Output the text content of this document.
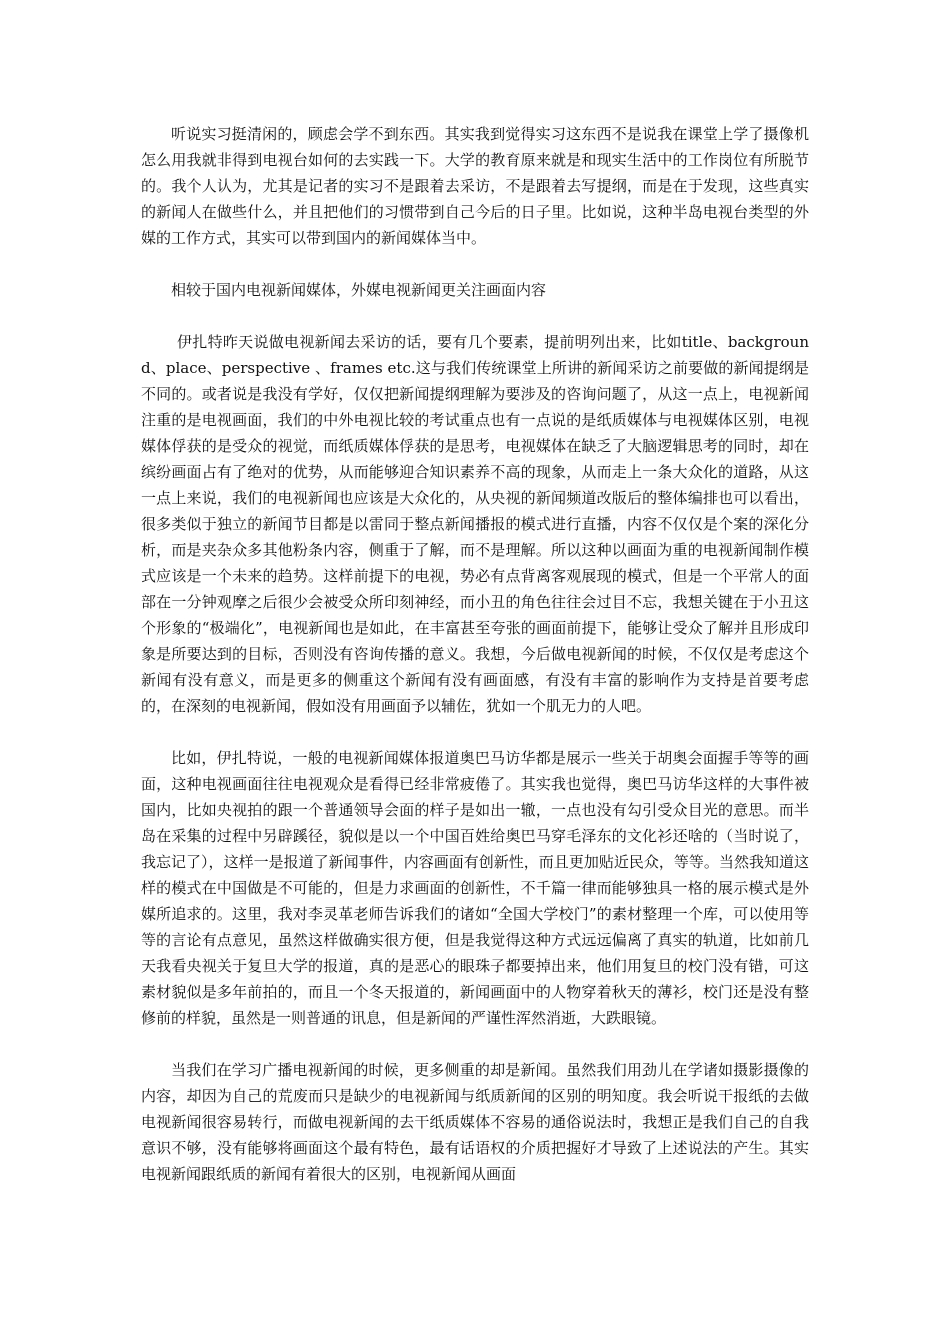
听说实习挺清闲的，顾虑会学不到东西。其实我到觉得实习这东西不是说我在课堂上学了摄像机怎么用我就非得到电视台如何的去实践一下。大学的教育原来就是和现实生活中的工作岗位有所脱节的。我个人认为，尤其是记者的实习不是跟着去采访，不是跟着去写提纲，而是在于发现，这些真实的新闻人在做些什么，并且把他们的习惯带到自己今后的日子里。比如说，这种半岛电视台类型的外媒的工作方式，其实可以带到国内的新闻媒体当中。

相较于国内电视新闻媒体，外媒电视新闻更关注画面内容

伊扎特昨天说做电视新闻去采访的话，要有几个要素，提前明列出来，比如title、background、place、perspective 、frames etc.这与我们传统课堂上所讲的新闻采访之前要做的新闻提纲是不同的。或者说是我没有学好，仅仅把新闻提纲理解为要涉及的咨询问题了，从这一点上，电视新闻注重的是电视画面，我们的中外电视比较的考试重点也有一点说的是纸质媒体与电视媒体区别，电视媒体俘获的是受众的视觉，而纸质媒体俘获的是思考，电视媒体在缺乏了大脑逻辑思考的同时，却在缤纷画面占有了绝对的优势，从而能够迎合知识素养不高的现象，从而走上一条大众化的道路，从这一点上来说，我们的电视新闻也应该是大众化的，从央视的新闻频道改版后的整体编排也可以看出，很多类似于独立的新闻节目都是以雷同于整点新闻播报的模式进行直播，内容不仅仅是个案的深化分析，而是夹杂众多其他粉条内容，侧重于了解，而不是理解。所以这种以画面为重的电视新闻制作模式应该是一个未来的趋势。这样前提下的电视，势必有点背离客观展现的模式，但是一个平常人的面部在一分钟观摩之后很少会被受众所印刻神经，而小丑的角色往往会过目不忘，我想关键在于小丑这个形象的“极端化”，电视新闻也是如此，在丰富甚至夸张的画面前提下，能够让受众了解并且形成印象是所要达到的目标，否则没有咨询传播的意义。我想，今后做电视新闻的时候，不仅仅是考虑这个新闻有没有意义，而是更多的侧重这个新闻有没有画面感，有没有丰富的影响作为支持是首要考虑的，在深刻的电视新闻，假如没有用画面予以辅佐，犹如一个肌无力的人吧。

比如，伊扎特说，一般的电视新闻媒体报道奥巴马访华都是展示一些关于胡奥会面握手等等的画面，这种电视画面往往电视观众是看得已经非常疲倦了。其实我也觉得，奥巴马访华这样的大事件被国内，比如央视拍的跟一个普通领导会面的样子是如出一辙，一点也没有勾引受众目光的意思。而半岛在采集的过程中另辟蹊径，貌似是以一个中国百姓给奥巴马穿毛泽东的文化衫还啥的（当时说了，我忘记了），这样一是报道了新闻事件，内容画面有创新性，而且更加贴近民众，等等。当然我知道这样的模式在中国做是不可能的，但是力求画面的创新性，不千篇一律而能够独具一格的展示模式是外媒所追求的。这里，我对李灵革老师告诉我们的诸如“全国大学校门”的素材整理一个库，可以使用等等的言论有点意见，虽然这样做确实很方便，但是我觉得这种方式远远偏离了真实的轨道，比如前几天我看央视关于复旦大学的报道，真的是恶心的眼珠子都要掉出来，他们用复旦的校门没有错，可这素材貌似是多年前拍的，而且一个冬天报道的，新闻画面中的人物穿着秋天的薄衫，校门还是没有整修前的样貌，虽然是一则普通的讯息，但是新闻的严谨性浑然消逝，大跌眼镜。

当我们在学习广播电视新闻的时候，更多侧重的却是新闻。虽然我们用劲儿在学诸如摄影摄像的内容，却因为自己的荒废而只是缺少的电视新闻与纸质新闻的区别的明知度。我会听说干报纸的去做电视新闻很容易转行，而做电视新闻的去干纸质媒体不容易的通俗说法时，我想正是我们自己的自我意识不够，没有能够将画面这个最有特色，最有话语权的介质把握好才导致了上述说法的产生。其实电视新闻跟纸质的新闻有着很大的区别，电视新闻从画面
